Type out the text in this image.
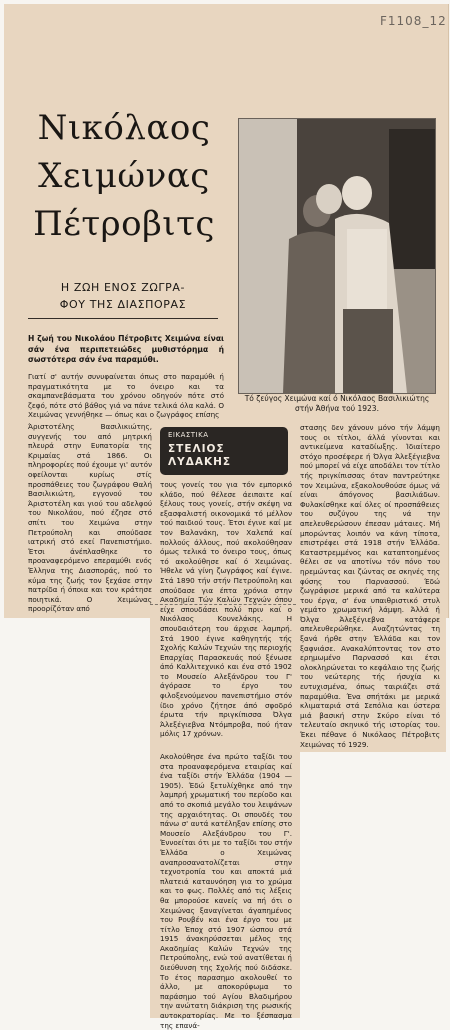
F1108_12
Νικόλαος
Χειμώνας
Πέτροβιτς
Η ΖΩΗ ΕΝΟΣ ΖΩΓΡΑ-
ΦΟΥ ΤΗΣ ΔΙΑΣΠΟΡΑΣ
Τό ζεύγος Χειμώνα καί ό Νικόλαος Βασιλικιώτης στήν Άθήνα τού 1923.
Η ζωή του Νικολάου Πέτροβιτς Χειμώνα είναι σάν ένα περιπετειώδες μυθιστόρημα ή σωστότερα σάν ένα παραμύθι.
Γιατί σ' αυτήν συνυφαίνεται όπως στο παραμύθι ή πραγματικότητα με το όνειρο και τα σκαμπανεβάσματα του χρόνου οδηγούν πότε στό ζεφό, πότε στό βάθος γιά να πάνε τελικά όλα καλά. Ο Χειμώνας γεννήθηκε — όπως και ο ζωγράφος επίσης
Άριστοτέλης Βασιλικιώτης, συγγενής του από μητρική πλευρά στην Ευπατορία της Κριμαίας στά 1866. Οι πληροφορίες πού έχουμε γι' αυτόν οφείλονται κυρίως στίς προσπάθειες του ζωγράφου Θαλή Βασιλικιώτη, εγγονού του Άριστοτέλη και γιού του αδελφού του Νικολάου, πού έζησε στό σπίτι του Χειμώνα στην Πετρούπολη και σπούδασε ιατρική στό εκεί Πανεπιστήμιο. Έτσι άνέπλασθηκε το προαναφερόμενο επεραμύθι ενός Έλληνα της Διασποράς, πού το κύμα της ζωής τον ξεχάσε στην πατρίδα ή όποια και τον κράτησε ποιητικά. Ο Χειμώνας προορίζόταν από
ΕΙΚΑΣΤΙΚΑ
ΣΤΕΛΙΟΣ
ΛΥΔΑΚΗΣ
τους γονείς του για τόν εμπορικό κλάδο, πού θέλεσε άειπαιτε καί ξέλους τους γονείς, στήν σκέψη να εξασφαλιστή οικονομικά τό μέλλον τού παιδιού τους. Έτσι έγινε καί με τον Βαλανάκη, τον Χαλεπά καί πολλούς άλλους, πού ακολούθησαν όμως τελικά το όνειρο τους, όπως τό ακολούθησε καί ό Χειμώνας. Ήθελε νά γίνη ζωγράφος καί έγινε. Στά 1890 τήν στήν Πετρούπολη και σπούδασε για έπτα χρόνια στην Ακαδημία Τών Καλών Τεχνών όπου είχε σπουδάσει πολύ πριν καί ο Νικόλαος Κουνελάκης. Η σπουδαιότερη του άρχισε λαμπρή. Στά 1900 έγινε καθηγητής τής Σχολής Καλών Τεχνών της περιοχής Επαρχίας Παρασκευάς πού ξένωσε άπό Καλλιτεχνικό και ένα στό 1902 το Μουσείο Αλεξάνδρου του Γ' άγόρασε το έργο του φιλοξενούμενου πανεπιστήμιο στόν ίδιο χρόνο ζήτησε άπό σφοδρό έρωτα τήν πριγκίπισσα Όλγα Άλεξέγιεβνα Ντόμπροβα, πού ήταν μόλις 17 χρόνων.
στασης δεν χάνουν μόνο τήν λάμψη τους οι τίτλοι, άλλά γίνονται και αντικείμενα καταδίωξης. Ίδιαίτερο στόχο προσέφερε ή Όλγα Άλεξέγιεβνα πού μπορεί νά είχε αποδάλει τον τίτλο τής πριγκίπισσας όταν παντρεύτηκε τον Χειμώνα, εξακολουθούσε όμως νά είναι άπόγονος βασιλιάδων. Φυλακίσθηκε καί όλες οί προσπάθειες του συζύγου της νά την απελευθερώσουν έπεσαν μάταιες. Μή μπορώντας λοιπόν να κάνη τίποτα, επιστρέφει στά 1918 στήν Έλλάδα. Καταστρεμμένος και καταπτοημένος θέλει σε να αποτίνω τόν πόνο του ηρεμώντας και ζώντας σε σκηνές της φύσης του Παρνασσού. Έδώ ζωγράφισε μερικά από τα καλύτερα του έργα, σ' ένα υπαιθριστικό στυλ γεμάτο χρωματική λάμψη. Άλλά ή Όλγα Άλεξέγιεβνα κατάφερε απελευθερώθηκε. Αναζητώντας τη ξανά ήρθε στην Έλλάδα και τον ξαφνιάσε. Ανακαλύπτοντας τον στο ερημωμένο Παρνασσό και έτσι ολοκληρώνεται το κεφάλαιο της ζωής του νεώτερης τής ήσυχία κι ευτυχισμένα, όπως ταιριάζει στά παραμύθια. Ένα σπήτάκι με μερικά κλιματαριά στά Σεπόλια και ύστερα μιά βασική στην Σκύρο είναι τό τελευταίο σκηνικό τής ιστορίας του. Έκει πέθανε ό Νικόλαος Πέτροβιτς Χειμώνας τό 1929.
Ακολούθησε ένα πρώτο ταξίδι του στα προαναφερόμενα εταιρίας καί ένα ταξίδι στήν Έλλάδα (1904 — 1905). Έδώ ξετυλίχθηκε από την λαμπρή χρωματική του περίοδο και από το σκοπιά μεγάλο του λειψάνων της αρχαιότητας. Οι σπουδές του πάνω σ' αυτά κατέληξαν επίσης στο Μουσείο Αλεξάνδρου του Γ'. Έννοείται ότι με το ταξίδι του στήν Έλλάδα ο Χειμώνας αναπροσανατολίζεται στην τεχνοτροπία του και αποκτά μιά πλατειά καταυνόηση για το χρώμα και το φως. Πολλές από τις λέξεις θα μπορούσε κανείς να πή ότι ο Χειμώνας ξαναγίνεται άγαπημένος του Ρουβέν και ένα έργο του με τίτλο Έποχ στό 1907 ώσπου στά 1915 άνακηρύσσεται μέλος της Ακαδημίας Καλών Τεχνών της Πετρούπολης, ενώ τού ανατίθεται ή διεύθυνση της Σχολής πού διδάσκε. Το έτος παρασημο ακολουθεί το άλλο, με αποκορύφωμα το παράσημο τού Αγίου Βλαδιμήρου την ανώτατη διάκριση της ρωσικής αυτοκρατορίας. Με το ξέσπασμα της επανά-
